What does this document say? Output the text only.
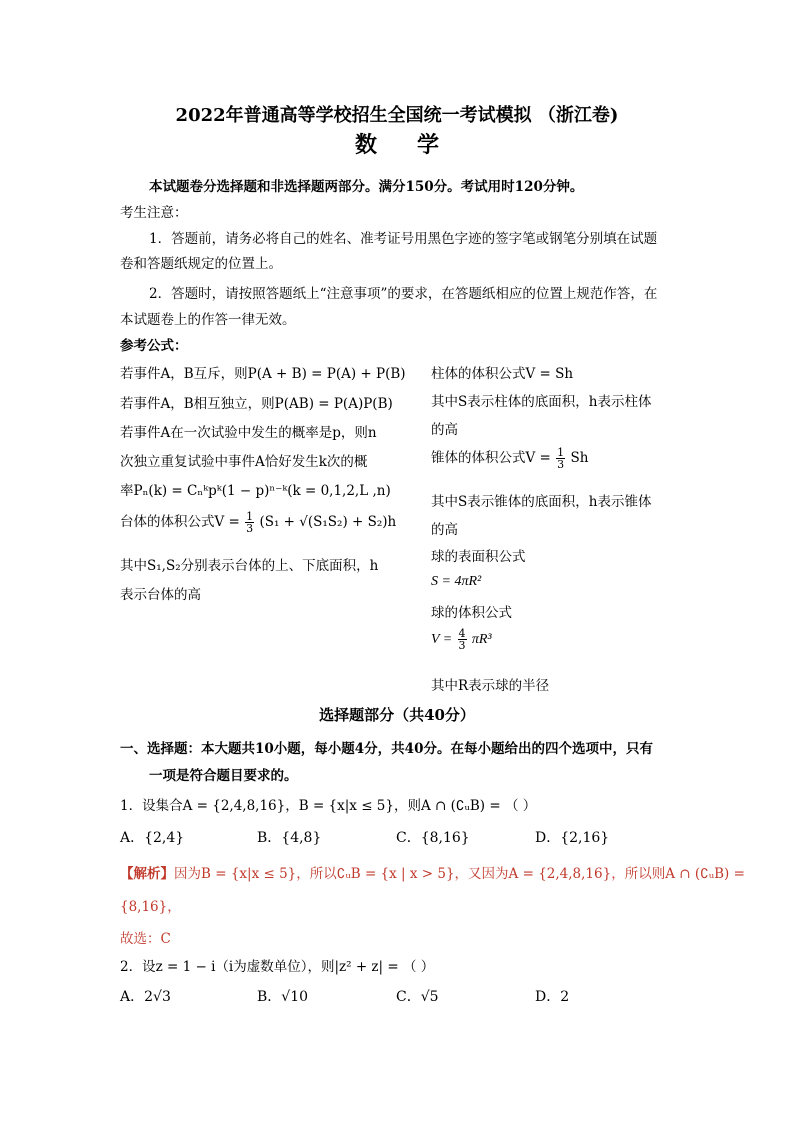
2022年普通高等学校招生全国统一考试模拟 （浙江卷)
数学
本试题卷分选择题和非选择题两部分。满分150分。考试用时120分钟。
考生注意：
1．答题前，请务必将自己的姓名、准考证号用黑色字迹的签字笔或钢笔分别填在试题
卷和答题纸规定的位置上。
2．答题时，请按照答题纸上“注意事项”的要求，在答题纸相应的位置上规范作答，在
本试题卷上的作答一律无效。
参考公式：
若事件A，B互斥，则P(A + B) = P(A) + P(B)
若事件A，B相互独立，则P(AB) = P(A)P(B)
若事件A在一次试验中发生的概率是p，则n
次独立重复试验中事件A恰好发生k次的概
率Pₙ(k) = Cₙᵏpᵏ(1 − p)ⁿ⁻ᵏ(k = 0,1,2,L ,n)
台体的体积公式$V = \frac{1}{3} (S_1 + √(S_1S_2) + S_2)h$
其中S₁,S₂分别表示台体的上、下底面积，h
表示台体的高
柱体的体积公式V = Sh
其中S表示柱体的底面积，h表示柱体
的高
锥体的体积公式$V = \frac{1}{3}$ Sh
其中S表示锥体的底面积，h表示锥体
的高
球的表面积公式
S = 4πR²
球的体积公式
$V = \frac{4}{3} \pi R^3$
其中R表示球的半径
选择题部分（共40分）
一、选择题：本大题共10小题，每小题4分，共40分。在每小题给出的四个选项中，只有
一项是符合题目要求的。
1．设集合A = {2,4,8,16}，B = {x|x ≤ 5}，则A ∩ (∁ᵤB) = （ ）
A．{2,4}	B．{4,8}	C．{8,16}	D．{2,16}
【解析】因为B = {x|x ≤ 5}，所以∁ᵤB = {x | x > 5}，又因为A = {2,4,8,16}，所以则A ∩ (∁ᵤB) =
{8,16}，
故选：C
2．设z = 1 − i（i为虚数单位），则|z² + z| = （ ）
A．2√3	B．√10	C．√5	D．2
